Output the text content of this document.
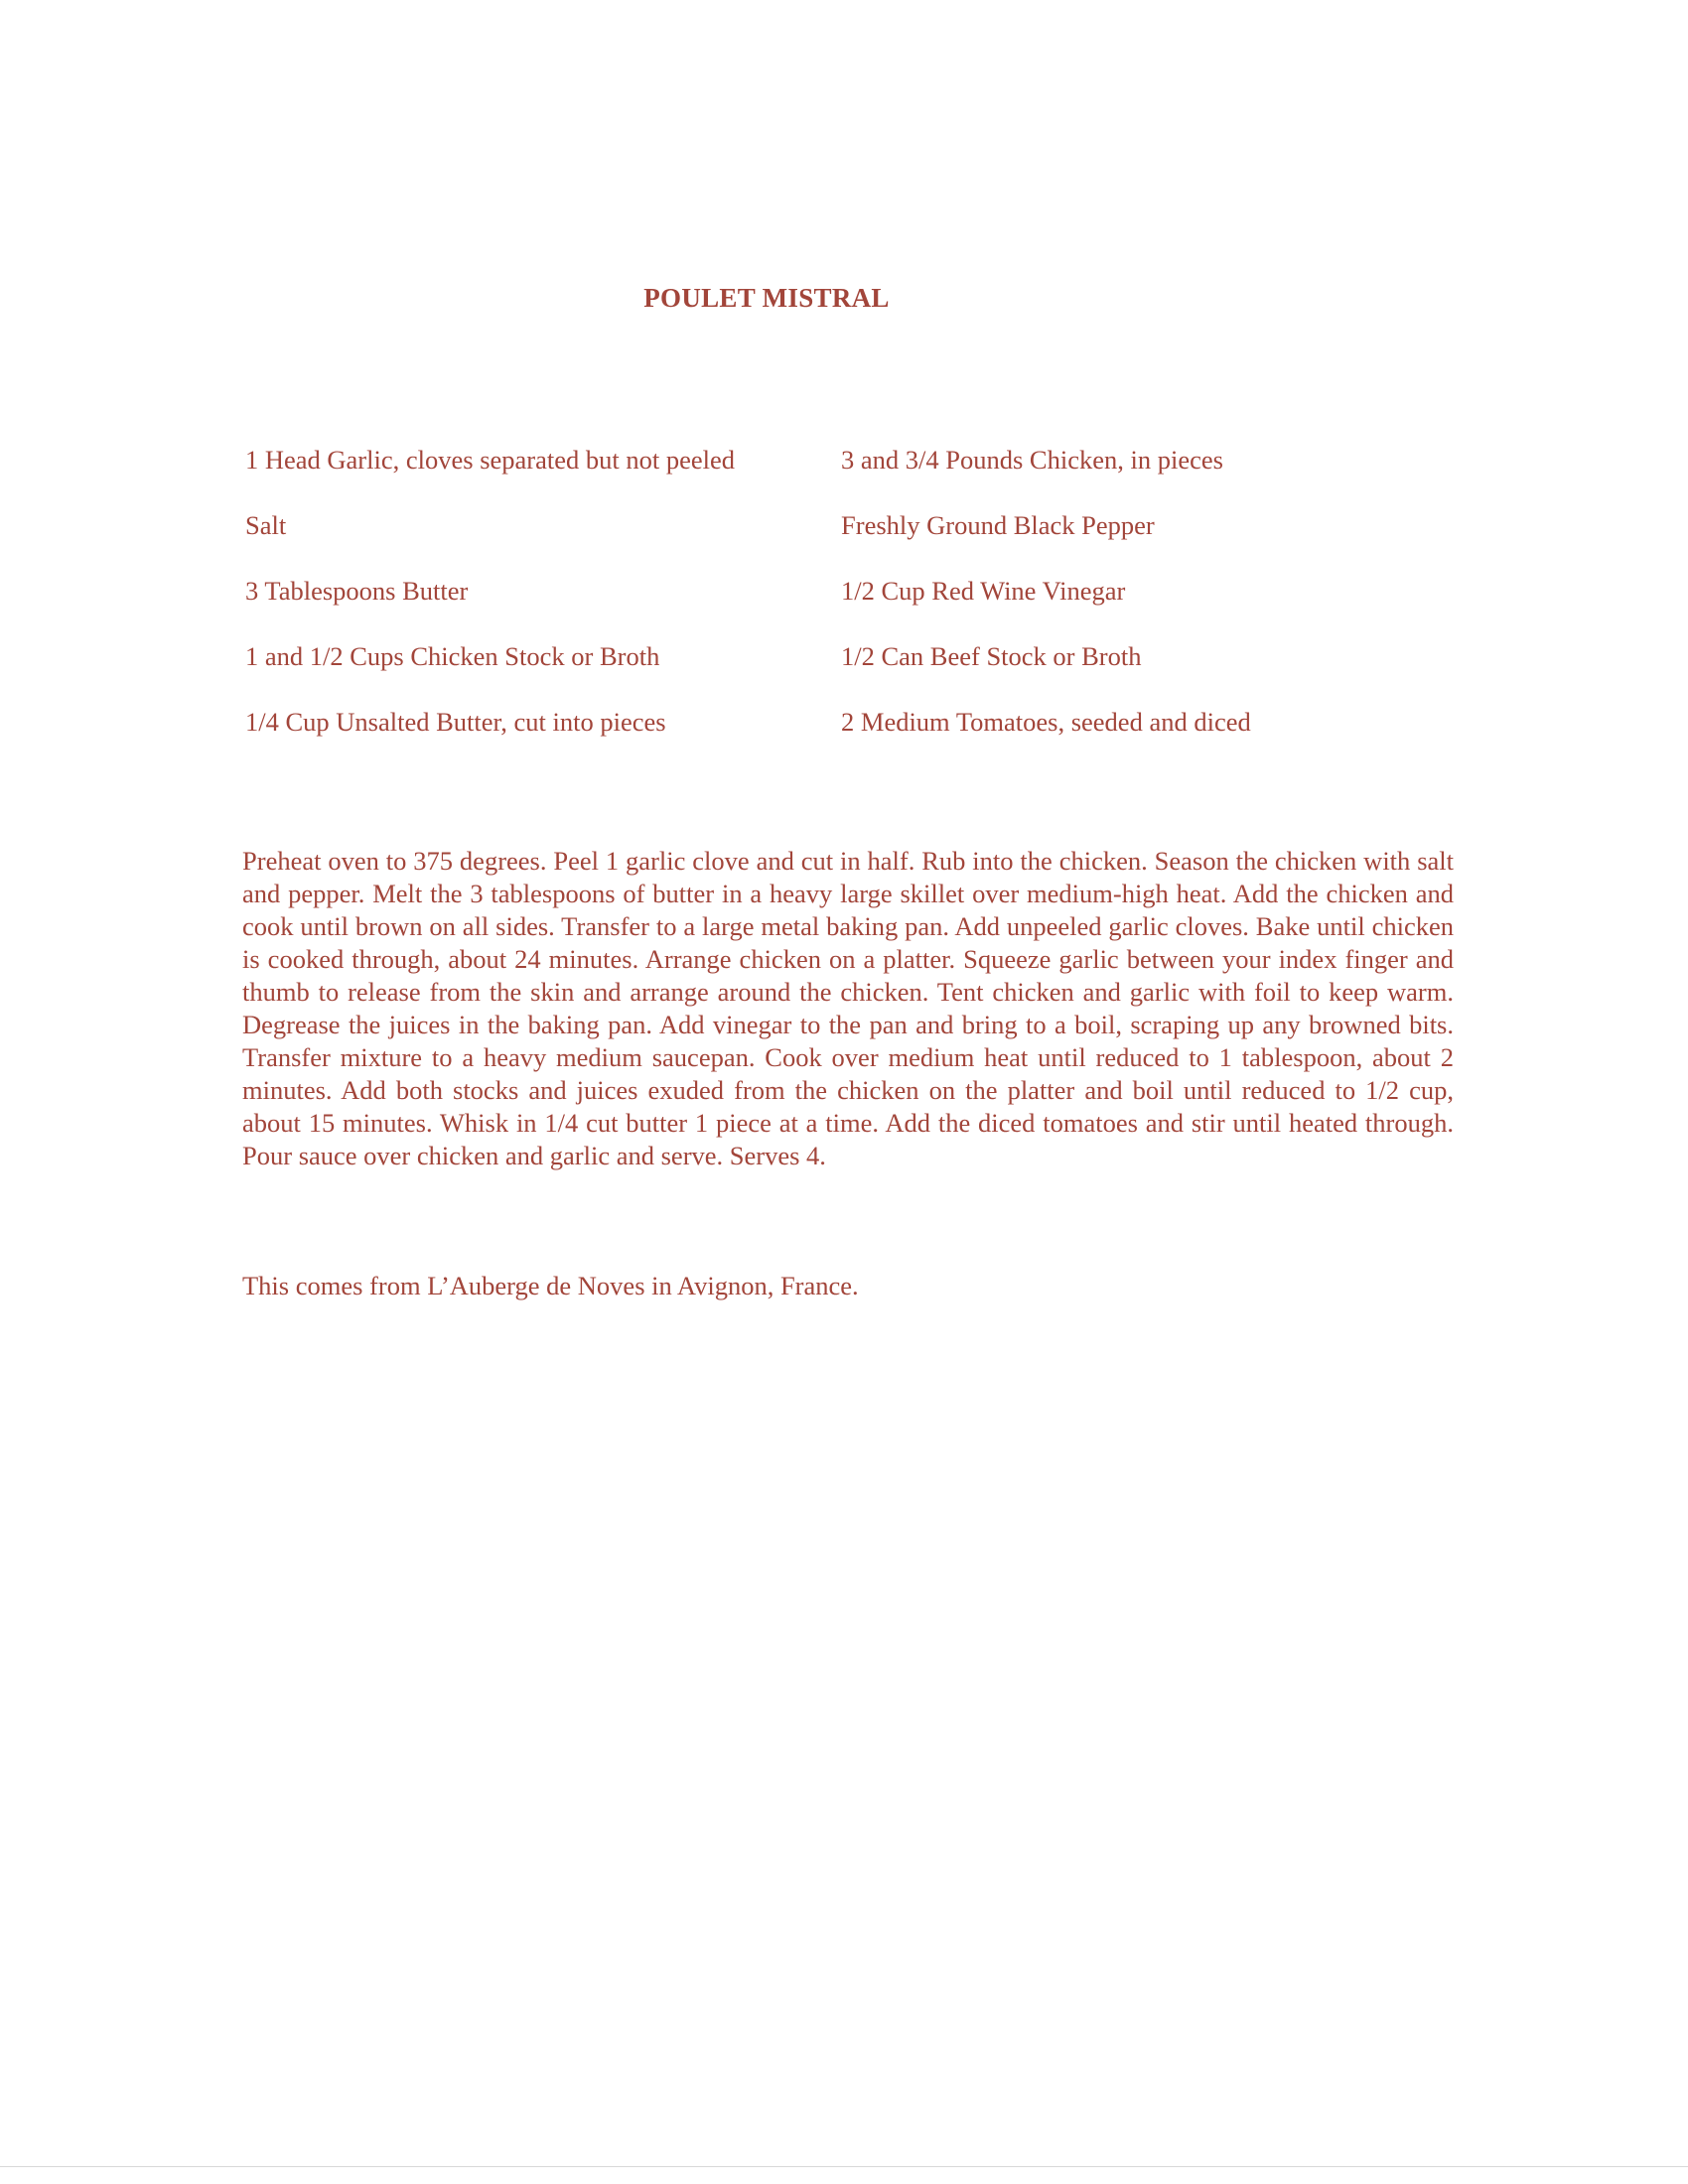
POULET MISTRAL
1 Head Garlic, cloves separated but not peeled
Salt
3 Tablespoons Butter
1 and 1/2 Cups Chicken Stock or Broth
1/4 Cup Unsalted Butter, cut into pieces
3 and 3/4 Pounds Chicken, in pieces
Freshly Ground Black Pepper
1/2 Cup Red Wine Vinegar
1/2 Can Beef Stock or Broth
2 Medium Tomatoes, seeded and diced
Preheat oven to 375 degrees. Peel 1 garlic clove and cut in half. Rub into the chicken. Season the chicken with salt and pepper. Melt the 3 tablespoons of butter in a heavy large skillet over medium-high heat. Add the chicken and cook until brown on all sides. Transfer to a large metal baking pan. Add unpeeled garlic cloves. Bake until chicken is cooked through, about 24 minutes. Arrange chicken on a platter. Squeeze garlic between your index finger and thumb to release from the skin and arrange around the chicken. Tent chicken and garlic with foil to keep warm. Degrease the juices in the baking pan. Add vinegar to the pan and bring to a boil, scraping up any browned bits. Transfer mixture to a heavy medium saucepan. Cook over medium heat until reduced to 1 tablespoon, about 2 minutes. Add both stocks and juices exuded from the chicken on the platter and boil until reduced to 1/2 cup, about 15 minutes. Whisk in 1/4 cut butter 1 piece at a time. Add the diced tomatoes and stir until heated through. Pour sauce over chicken and garlic and serve. Serves 4.
This comes from L’Auberge de Noves in Avignon, France.
